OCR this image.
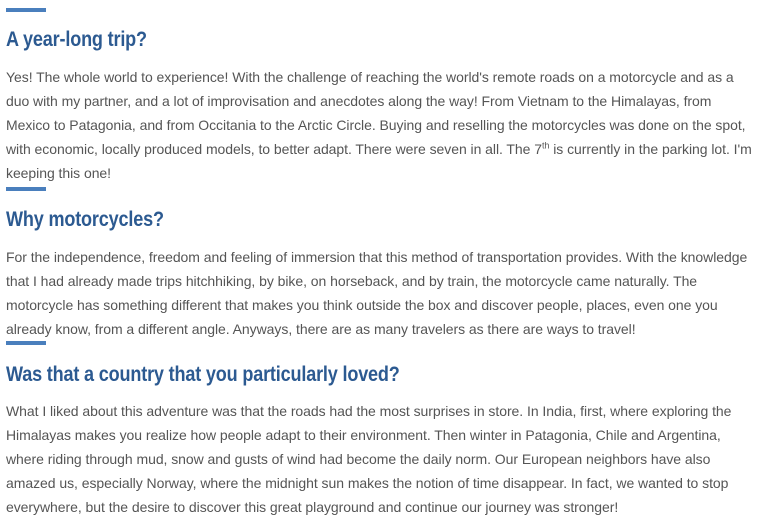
A year-long trip?

Yes! The whole world to experience! With the challenge of reaching the world's remote roads on a motorcycle and as a duo with my partner, and a lot of improvisation and anecdotes along the way! From Vietnam to the Himalayas, from Mexico to Patagonia, and from Occitania to the Arctic Circle. Buying and reselling the motorcycles was done on the spot, with economic, locally produced models, to better adapt. There were seven in all. The 7th is currently in the parking lot. I'm keeping this one!

Why motorcycles?

For the independence, freedom and feeling of immersion that this method of transportation provides. With the knowledge that I had already made trips hitchhiking, by bike, on horseback, and by train, the motorcycle came naturally. The motorcycle has something different that makes you think outside the box and discover people, places, even one you already know, from a different angle. Anyways, there are as many travelers as there are ways to travel!

Was that a country that you particularly loved?

What I liked about this adventure was that the roads had the most surprises in store. In India, first, where exploring the Himalayas makes you realize how people adapt to their environment. Then winter in Patagonia, Chile and Argentina, where riding through mud, snow and gusts of wind had become the daily norm. Our European neighbors have also amazed us, especially Norway, where the midnight sun makes the notion of time disappear. In fact, we wanted to stop everywhere, but the desire to discover this great playground and continue our journey was stronger!
